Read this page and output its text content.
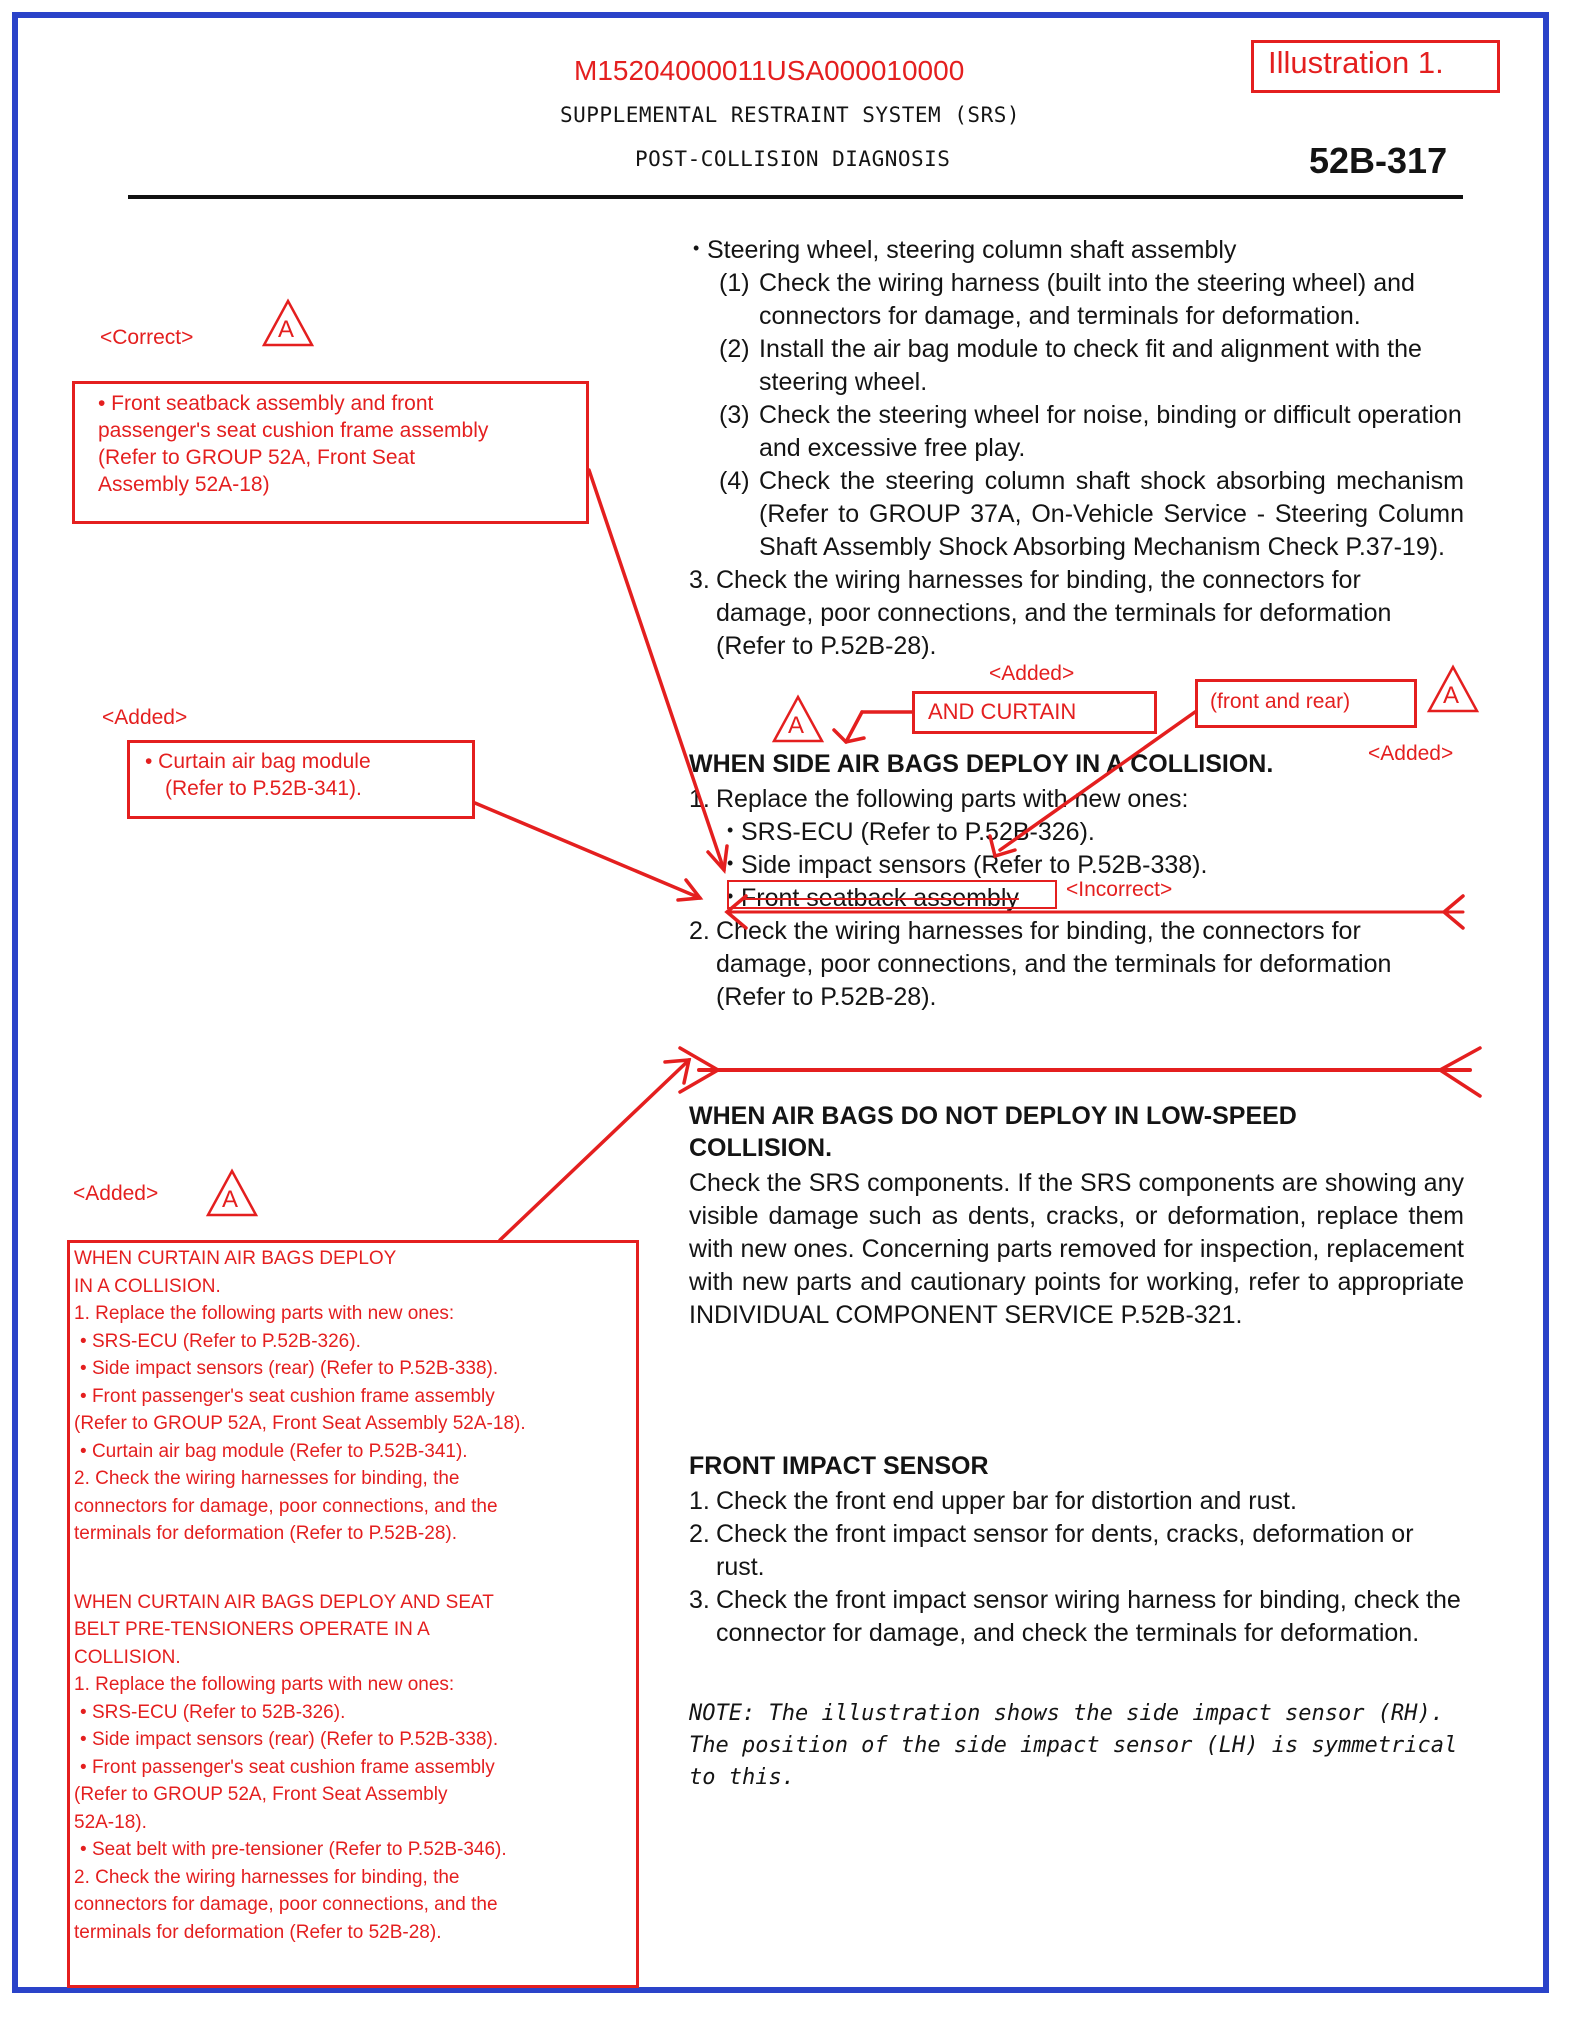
M1520400001​1USA000010000
SUPPLEMENTAL RESTRAINT SYSTEM (SRS)
POST-COLLISION DIAGNOSIS	52B-317
Illustration 1.
• Steering wheel, steering column shaft assembly
(1) Check the wiring harness (built into the steering wheel) and connectors for damage, and terminals for deformation.
(2) Install the air bag module to check fit and alignment with the steering wheel.
(3) Check the steering wheel for noise, binding or difficult operation and excessive free play.
(4) Check the steering column shaft shock absorbing mechanism (Refer to GROUP 37A, On-Vehicle Service - Steering Column Shaft Assembly Shock Absorbing Mechanism Check P.37-19).
3. Check the wiring harnesses for binding, the connectors for damage, poor connections, and the terminals for deformation (Refer to P.52B-28).
WHEN SIDE AIR BAGS DEPLOY IN A COLLISION.
1. Replace the following parts with new ones:
• SRS-ECU (Refer to P.52B-326).
• Side impact sensors (Refer to P.52B-338).
• Front seatback assembly
2. Check the wiring harnesses for binding, the connectors for damage, poor connections, and the terminals for deformation (Refer to P.52B-28).
WHEN AIR BAGS DO NOT DEPLOY IN LOW-SPEED
COLLISION.
Check the SRS components. If the SRS components are showing any visible damage such as dents, cracks, or deformation, replace them with new ones. Concerning parts removed for inspection, replacement with new parts and cautionary points for working, refer to appropriate INDIVIDUAL COMPONENT SERVICE P.52B-321.
FRONT IMPACT SENSOR
1. Check the front end upper bar for distortion and rust.
2. Check the front impact sensor for dents, cracks, deformation or rust.
3. Check the front impact sensor wiring harness for binding, check the connector for damage, and check the terminals for deformation.
NOTE: The illustration shows the side impact sensor (RH).
The position of the side impact sensor (LH) is symmetrical
to this.
<Correct>
<Added>
<Added>
<Added>
<Added>
<Incorrect>
• Front seatback assembly and front
passenger's seat cushion frame assembly
(Refer to GROUP 52A, Front Seat
Assembly 52A-18)
• Curtain air bag module
(Refer to P.52B-341).
AND CURTAIN	(front and rear)
WHEN CURTAIN AIR BAGS DEPLOY
IN A COLLISION.
1. Replace the following parts with new ones:
• SRS-ECU (Refer to P.52B-326).
• Side impact sensors (rear) (Refer to P.52B-338).
• Front passenger's seat cushion frame assembly
(Refer to GROUP 52A, Front Seat Assembly 52A-18).
• Curtain air bag module (Refer to P.52B-341).
2. Check the wiring harnesses for binding, the
connectors for damage, poor connections, and the
terminals for deformation (Refer to P.52B-28).
WHEN CURTAIN AIR BAGS DEPLOY AND SEAT
BELT PRE-TENSIONERS OPERATE IN A
COLLISION.
1. Replace the following parts with new ones:
• SRS-ECU (Refer to 52B-326).
• Side impact sensors (rear) (Refer to P.52B-338).
• Front passenger's seat cushion frame assembly
(Refer to GROUP 52A, Front Seat Assembly
52A-18).
• Seat belt with pre-tensioner (Refer to P.52B-346).
2. Check the wiring harnesses for binding, the
connectors for damage, poor connections, and the
terminals for deformation (Refer to 52B-28).
A
A
A
A
